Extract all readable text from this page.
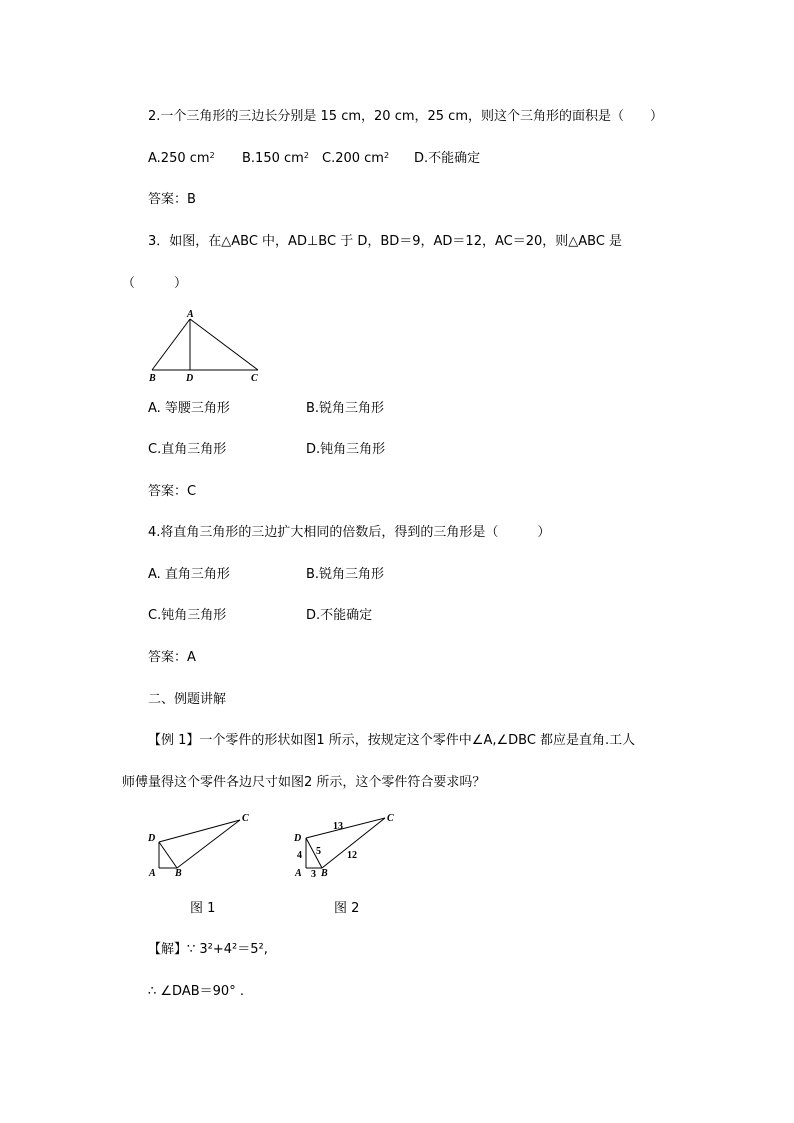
2.一个三角形的三边长分别是 15 cm，20 cm，25 cm，则这个三角形的面积是（　　）
A.250 $cm^2$ B.150 $cm^2$ C.200 $cm^2$ D.不能确定
答案：B
3．如图，在△ABC 中，AD⊥BC 于 D，BD＝9，AD＝12，AC＝20，则△ABC 是
（　　　）
A
B	D	C
A. 等腰三角形	B.锐角三角形
C.直角三角形	D.钝角三角形
答案：C
4.将直角三角形的三边扩大相同的倍数后，得到的三角形是（　　　）
A. 直角三角形	B.锐角三角形
C.钝角三角形	D.不能确定
答案：A
二、例题讲解
【例 1】一个零件的形状如图1 所示，按规定这个零件中∠A,∠DBC 都应是直角.工人
师傅量得这个零件各边尺寸如图2 所示，这个零件符合要求吗？
D
A B
C
图 1
D
A B
C
4
3
5
13
12
图 2
【解】∵ 3²+4²＝5²,
∴ ∠DAB＝90° .
